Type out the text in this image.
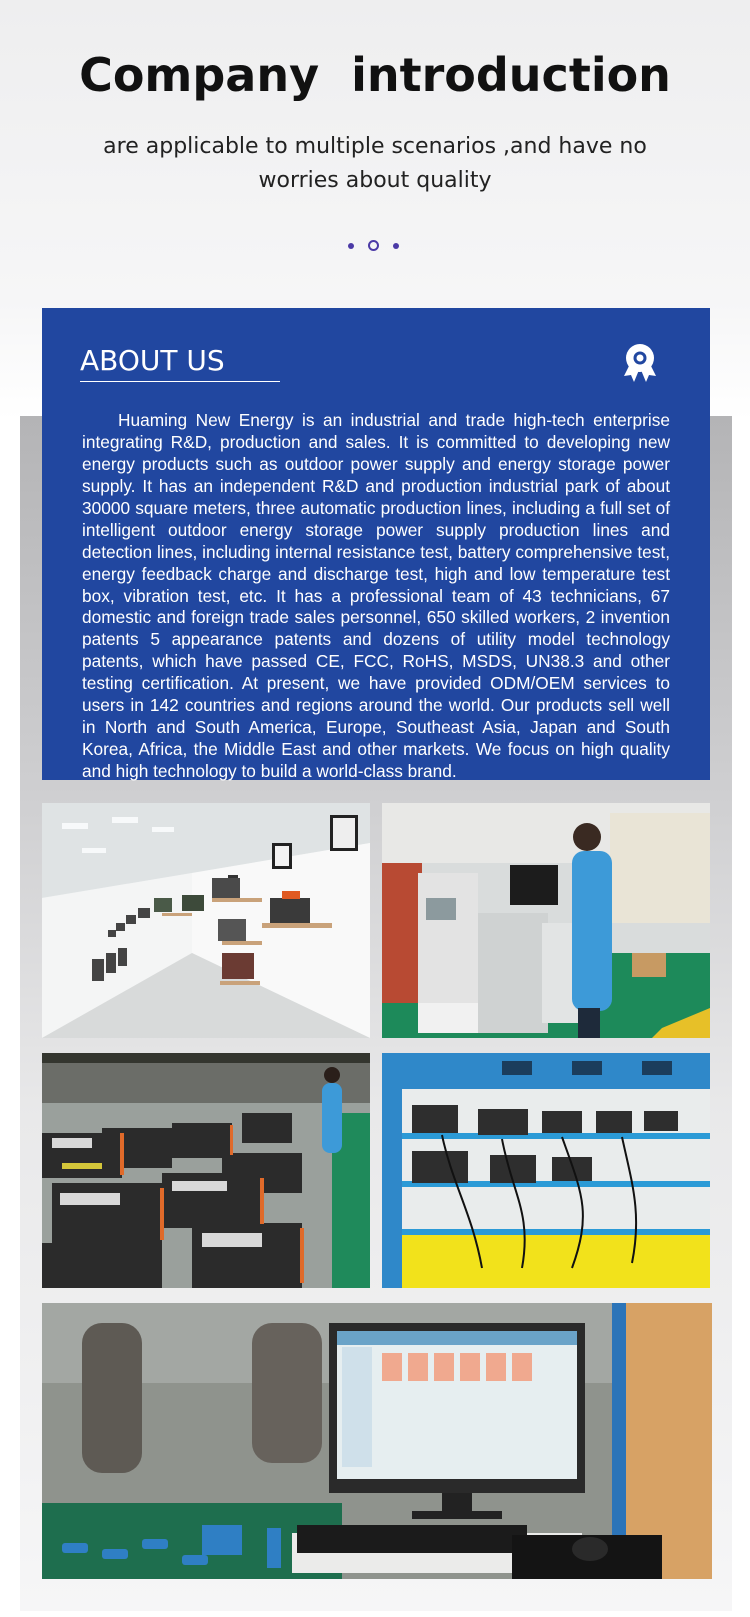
Company  introduction
are applicable to multiple scenarios ,and have no worries about quality
ABOUT US

Huaming New Energy is an industrial and trade high-tech enterprise integrating R&D, production and sales. It is committed to developing new energy products such as outdoor power supply and energy storage power supply. It has an independent R&D and production industrial park of about 30000 square meters, three automatic production lines, including a full set of intelligent outdoor energy storage power supply production lines and detection lines, including internal resistance test, battery comprehensive test, energy feedback charge and discharge test, high and low temperature test box, vibration test, etc. It has a professional team of 43 technicians, 67 domestic and foreign trade sales personnel, 650 skilled workers, 2 invention patents 5 appearance patents and dozens of utility model technology patents, which have passed CE, FCC, RoHS, MSDS, UN38.3 and other testing certification. At present, we have provided ODM/OEM services to users in 142 countries and regions around the world. Our products sell well in North and South America, Europe, Southeast Asia, Japan and South Korea, Africa, the Middle East and other markets. We focus on high quality and high technology to build a world-class brand.
